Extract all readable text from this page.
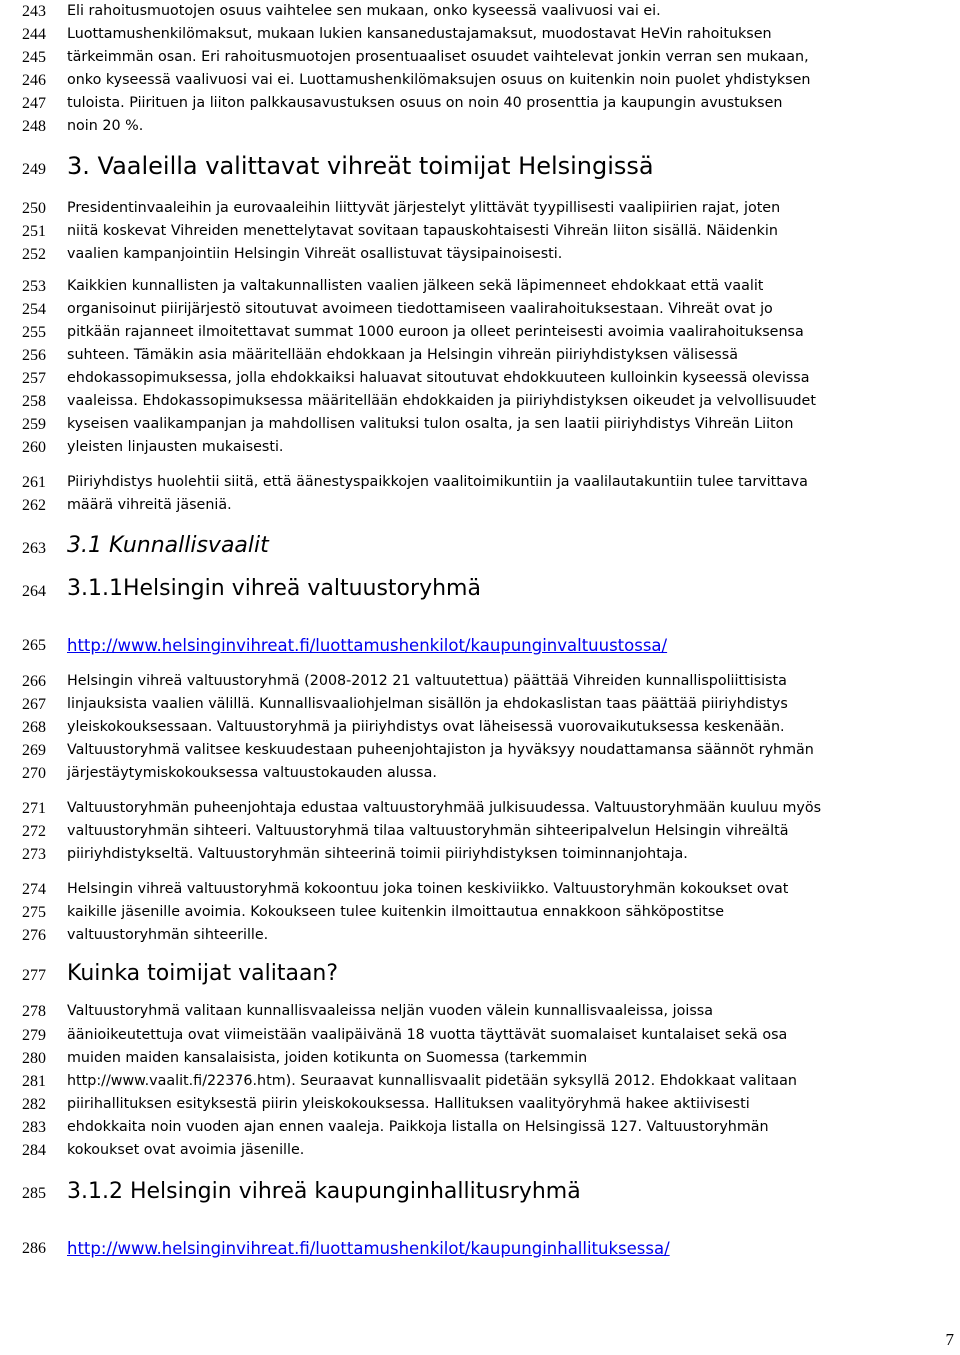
243
244
245
246
247
248
249
250
251
252
253
254
255
256
257
258
259
260
261
262
263
264
265
266
267
268
269
270
271
272
273
274
275
276
277
278
279
280
281
282
283
284
285
286
Eli rahoitusmuotojen osuus vaihtelee sen mukaan, onko kyseessä vaalivuosi vai ei.
Luottamushenkilömaksut, mukaan lukien kansanedustajamaksut, muodostavat HeVin rahoituksen
tärkeimmän osan. Eri rahoitusmuotojen prosentuaaliset osuudet vaihtelevat jonkin verran sen mukaan,
onko kyseessä vaalivuosi vai ei. Luottamushenkilömaksujen osuus on kuitenkin noin puolet yhdistyksen
tuloista. Piirituen ja liiton palkkausavustuksen osuus on noin 40 prosenttia ja kaupungin avustuksen
noin 20 %.
3. Vaaleilla valittavat vihreät toimijat Helsingissä
Presidentinvaaleihin ja eurovaaleihin liittyvät järjestelyt ylittävät tyypillisesti vaalipiirien rajat, joten
niitä koskevat Vihreiden menettelytavat sovitaan tapauskohtaisesti Vihreän liiton sisällä. Näidenkin
vaalien kampanjointiin Helsingin Vihreät osallistuvat täysipainoisesti.
Kaikkien kunnallisten ja valtakunnallisten vaalien jälkeen sekä läpimenneet ehdokkaat että vaalit
organisoinut piirijärjestö sitoutuvat avoimeen tiedottamiseen vaalirahoituksestaan. Vihreät ovat jo
pitkään rajanneet ilmoitettavat summat 1000 euroon ja olleet perinteisesti avoimia vaalirahoituksensa
suhteen. Tämäkin asia määritellään ehdokkaan ja Helsingin vihreän piiriyhdistyksen välisessä
ehdokassopimuksessa, jolla ehdokkaiksi haluavat sitoutuvat ehdokkuuteen kulloinkin kyseessä olevissa
vaaleissa. Ehdokassopimuksessa määritellään ehdokkaiden ja piiriyhdistyksen oikeudet ja velvollisuudet
kyseisen vaalikampanjan ja mahdollisen valituksi tulon osalta, ja sen laatii piiriyhdistys Vihreän Liiton
yleisten linjausten mukaisesti.
Piiriyhdistys huolehtii siitä, että äänestyspaikkojen vaalitoimikuntiin ja vaalilautakuntiin tulee tarvittava
määrä vihreitä jäseniä.
3.1 Kunnallisvaalit
3.1.1Helsingin vihreä valtuustoryhmä
http://www.helsinginvihreat.fi/luottamushenkilot/kaupunginvaltuustossa/
Helsingin vihreä valtuustoryhmä (2008-2012 21 valtuutettua) päättää Vihreiden kunnallispoliittisista
linjauksista vaalien välillä. Kunnallisvaaliohjelman sisällön ja ehdokaslistan taas päättää piiriyhdistys
yleiskokouksessaan. Valtuustoryhmä ja piiriyhdistys ovat läheisessä vuorovaikutuksessa keskenään.
Valtuustoryhmä valitsee keskuudestaan puheenjohtajiston ja hyväksyy noudattamansa säännöt ryhmän
järjestäytymiskokouksessa valtuustokauden alussa.
Valtuustoryhmän puheenjohtaja edustaa valtuustoryhmää julkisuudessa. Valtuustoryhmään kuuluu myös
valtuustoryhmän sihteeri. Valtuustoryhmä tilaa valtuustoryhmän sihteeripalvelun Helsingin vihreältä
piiriyhdistykseltä. Valtuustoryhmän sihteerinä toimii piiriyhdistyksen toiminnanjohtaja.
Helsingin vihreä valtuustoryhmä kokoontuu joka toinen keskiviikko. Valtuustoryhmän kokoukset ovat
kaikille jäsenille avoimia. Kokoukseen tulee kuitenkin ilmoittautua ennakkoon sähköpostitse
valtuustoryhmän sihteerille.
Kuinka toimijat valitaan?
Valtuustoryhmä valitaan kunnallisvaaleissa neljän vuoden välein kunnallisvaaleissa, joissa
äänioikeutettuja ovat viimeistään vaalipäivänä 18 vuotta täyttävät suomalaiset kuntalaiset sekä osa
muiden maiden kansalaisista, joiden kotikunta on Suomessa (tarkemmin
http://www.vaalit.fi/22376.htm). Seuraavat kunnallisvaalit pidetään syksyllä 2012. Ehdokkaat valitaan
piirihallituksen esityksestä piirin yleiskokouksessa. Hallituksen vaalityöryhmä hakee aktiivisesti
ehdokkaita noin vuoden ajan ennen vaaleja. Paikkoja listalla on Helsingissä 127. Valtuustoryhmän
kokoukset ovat avoimia jäsenille.
3.1.2 Helsingin vihreä kaupunginhallitusryhmä
http://www.helsinginvihreat.fi/luottamushenkilot/kaupunginhallituksessa/
7
